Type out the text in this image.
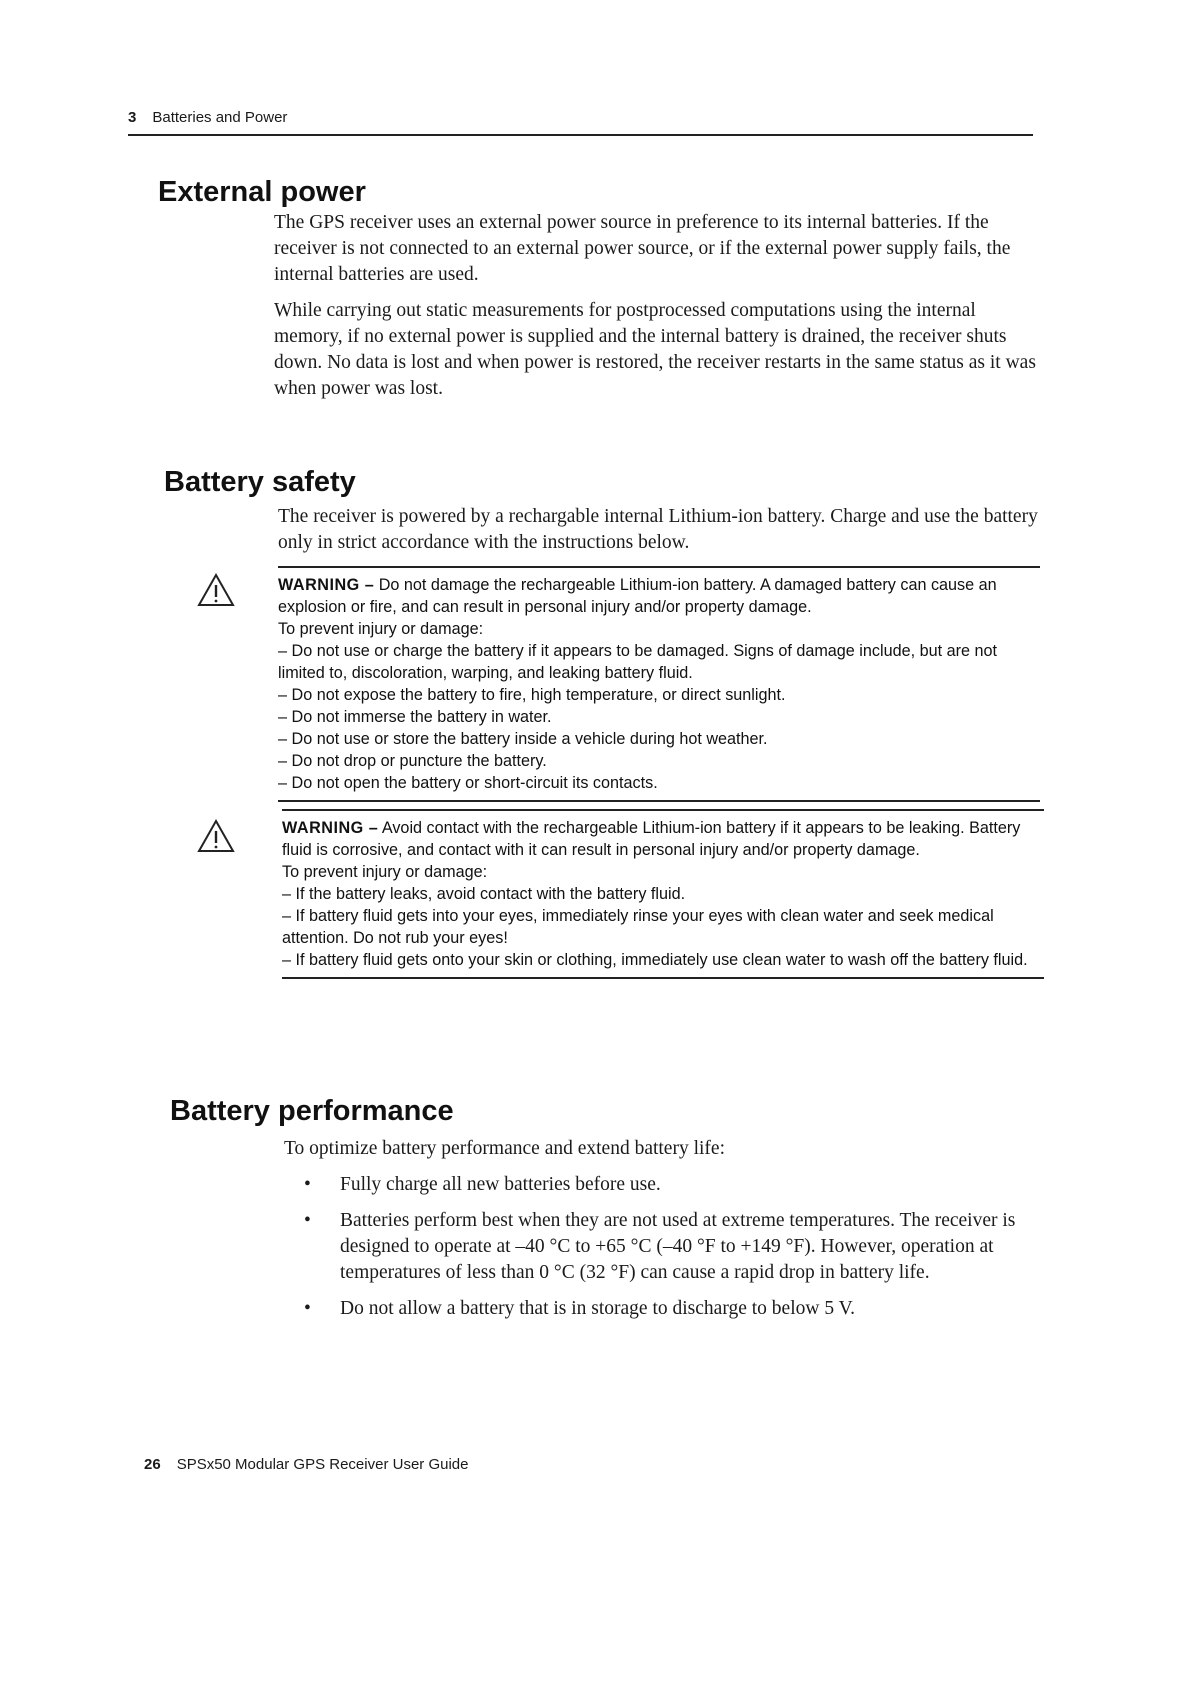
3 Batteries and Power
External power

The GPS receiver uses an external power source in preference to its internal batteries. If the receiver is not connected to an external power source, or if the external power supply fails, the internal batteries are used.

While carrying out static measurements for postprocessed computations using the internal memory, if no external power is supplied and the internal battery is drained, the receiver shuts down. No data is lost and when power is restored, the receiver restarts in the same status as it was when power was lost.

Battery safety

The receiver is powered by a rechargable internal Lithium-ion battery. Charge and use the battery only in strict accordance with the instructions below.

WARNING – Do not damage the rechargeable Lithium-ion battery. A damaged battery can cause an explosion or fire, and can result in personal injury and/or property damage.
To prevent injury or damage:
– Do not use or charge the battery if it appears to be damaged. Signs of damage include, but are not limited to, discoloration, warping, and leaking battery fluid.
– Do not expose the battery to fire, high temperature, or direct sunlight.
– Do not immerse the battery in water.
– Do not use or store the battery inside a vehicle during hot weather.
– Do not drop or puncture the battery.
– Do not open the battery or short-circuit its contacts.
WARNING – Avoid contact with the rechargeable Lithium-ion battery if it appears to be leaking. Battery fluid is corrosive, and contact with it can result in personal injury and/or property damage.
To prevent injury or damage:
– If the battery leaks, avoid contact with the battery fluid.
– If battery fluid gets into your eyes, immediately rinse your eyes with clean water and seek medical attention. Do not rub your eyes!
– If battery fluid gets onto your skin or clothing, immediately use clean water to wash off the battery fluid.
Battery performance

To optimize battery performance and extend battery life:

• Fully charge all new batteries before use.
• Batteries perform best when they are not used at extreme temperatures. The receiver is designed to operate at –40 °C to +65 °C (–40 °F to +149 °F). However, operation at temperatures of less than 0 °C (32 °F) can cause a rapid drop in battery life.
• Do not allow a battery that is in storage to discharge to below 5 V.
26 SPSx50 Modular GPS Receiver User Guide
